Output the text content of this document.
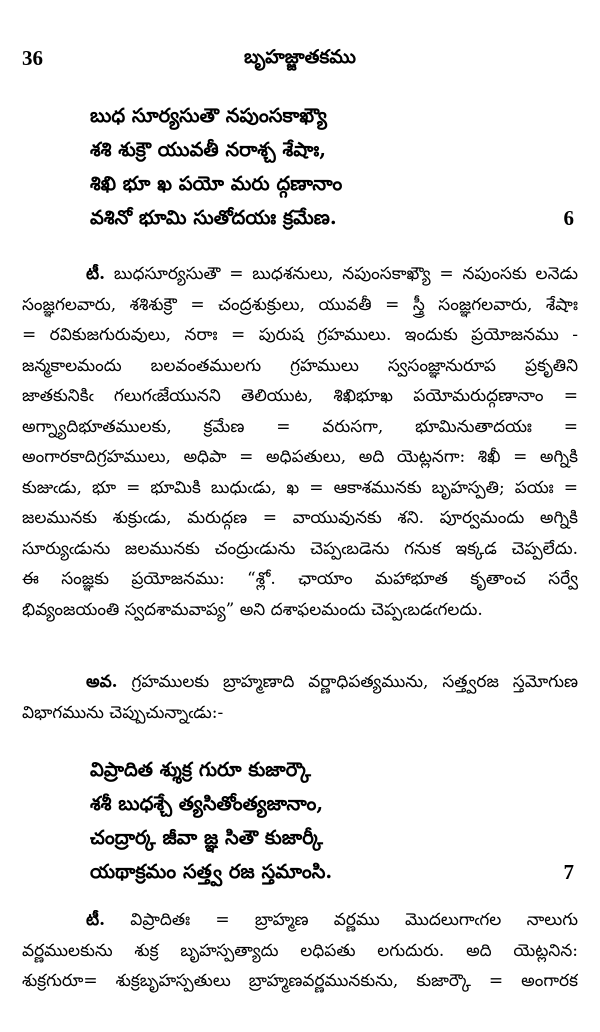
36	బృహజ్జాతకము
బుధ సూర్యసుతౌ నపుంసకాఖ్యౌ
శశి శుక్రౌ యువతీ నరాశ్చ శేషాః,
శిఖి భూ ఖ పయో మరు ద్గణానాం
వశినో భూమి సుతోదయః క్రమేణ.	6
టీ. బుధసూర్యసుతౌ = బుధశనులు, నపుంసకాఖ్యౌ = నపుంసకు లనెడు
సంజ్ఞగలవారు, శశిశుక్రౌ = చంద్రశుక్రులు, యువతీ = స్త్రీ సంజ్ఞగలవారు, శేషాః
= రవికుజగురువులు, నరాః = పురుష గ్రహములు. ఇందుకు ప్రయోజనము -
జన్మకాలమందు బలవంతములగు గ్రహములు స్వసంజ్ఞానురూప ప్రకృతిని
జాతకునికిఁ గలుగఁజేయునని తెలియుట, శిఖిభూఖ పయోమరుద్గణానాం =
అగ్న్యాదిభూతములకు, క్రమేణ = వరుసగా, భూమినుతాదయః =
అంగారకాదిగ్రహములు, అధిపా = అధిపతులు, అది యెట్లనగా: శిఖీ = అగ్నికి
కుజుఁడు, భూ = భూమికి బుధుఁడు, ఖ = ఆకాశమునకు బృహస్పతి; పయః =
జలమునకు శుక్రుఁడు, మరుద్గణ = వాయువునకు శని. పూర్వమందు అగ్నికి
సూర్యుఁడును జలమునకు చంద్రుఁడును చెప్పఁబడెను గనుక ఇక్కడ చెప్పలేదు.
ఈ సంజ్ఞకు ప్రయోజనము: “శ్లో. ఛాయాం మహాభూత కృతాంచ సర్వే
భివ్యంజయంతి స్వదశామవాప్య” అని దశాఫలమందు చెప్పఁబడఁగలదు.
అవ. గ్రహములకు బ్రాహ్మణాది వర్ణాధిపత్యమును, సత్త్వరజ స్తమోగుణ
విభాగమును చెప్పుచున్నాఁడు:-
విప్రాదిత శ్శుక్ర గురూ కుజార్కౌ
శశీ బుధశ్చే త్యసితోంత్యజానాం,
చంద్రార్క జీవా జ్ఞ సితౌ కుజార్కీ
యథాక్రమం సత్త్వ రజ స్తమాంసి.	7
టీ. విప్రాదితః = బ్రాహ్మణ వర్ణము మొదలుగాఁగల నాలుగు
వర్ణములకును శుక్ర బృహస్పత్యాదు లధిపతు లగుదురు. అది యెట్లనిన:
శుక్రగురూ= శుక్రబృహస్పతులు బ్రాహ్మణవర్ణమునకును, కుజార్కౌ = అంగారక
